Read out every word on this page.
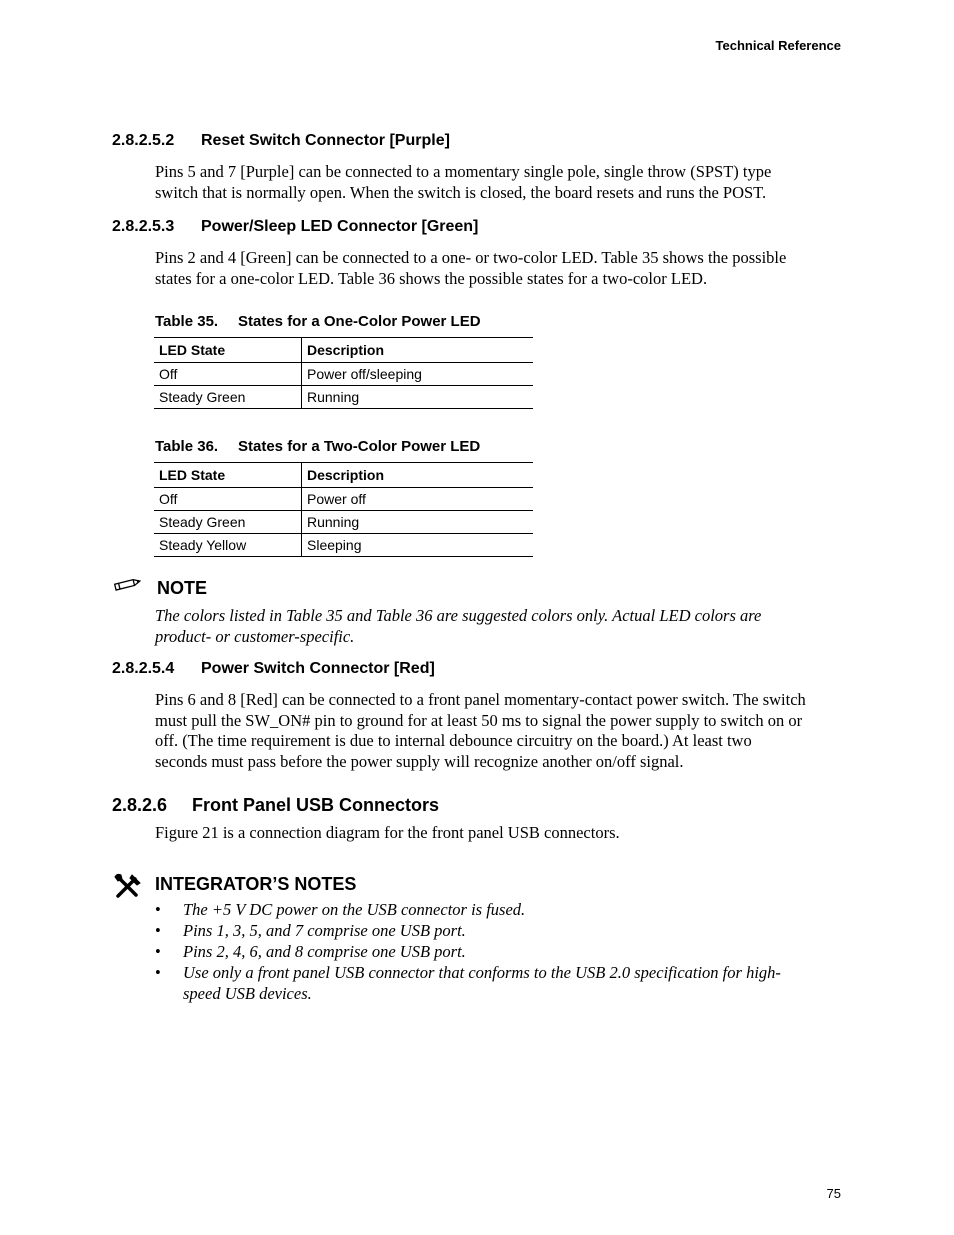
Technical Reference
2.8.2.5.2 Reset Switch Connector [Purple]
Pins 5 and 7 [Purple] can be connected to a momentary single pole, single throw (SPST) type
switch that is normally open. When the switch is closed, the board resets and runs the POST.
2.8.2.5.3 Power/Sleep LED Connector [Green]
Pins 2 and 4 [Green] can be connected to a one- or two-color LED. Table 35 shows the possible
states for a one-color LED. Table 36 shows the possible states for a two-color LED.
Table 35. States for a One-Color Power LED
LED State	Description
Off	Power off/sleeping
Steady Green	Running
Table 36. States for a Two-Color Power LED
LED State	Description
Off	Power off
Steady Green	Running
Steady Yellow	Sleeping
NOTE
The colors listed in Table 35 and Table 36 are suggested colors only. Actual LED colors are
product- or customer-specific.
2.8.2.5.4 Power Switch Connector [Red]
Pins 6 and 8 [Red] can be connected to a front panel momentary-contact power switch. The switch
must pull the SW_ON# pin to ground for at least 50 ms to signal the power supply to switch on or
off. (The time requirement is due to internal debounce circuitry on the board.) At least two
seconds must pass before the power supply will recognize another on/off signal.
2.8.2.6 Front Panel USB Connectors
Figure 21 is a connection diagram for the front panel USB connectors.
INTEGRATOR’S NOTES
• The +5 V DC power on the USB connector is fused.
• Pins 1, 3, 5, and 7 comprise one USB port.
• Pins 2, 4, 6, and 8 comprise one USB port.
• Use only a front panel USB connector that conforms to the USB 2.0 specification for high-
speed USB devices.
75
